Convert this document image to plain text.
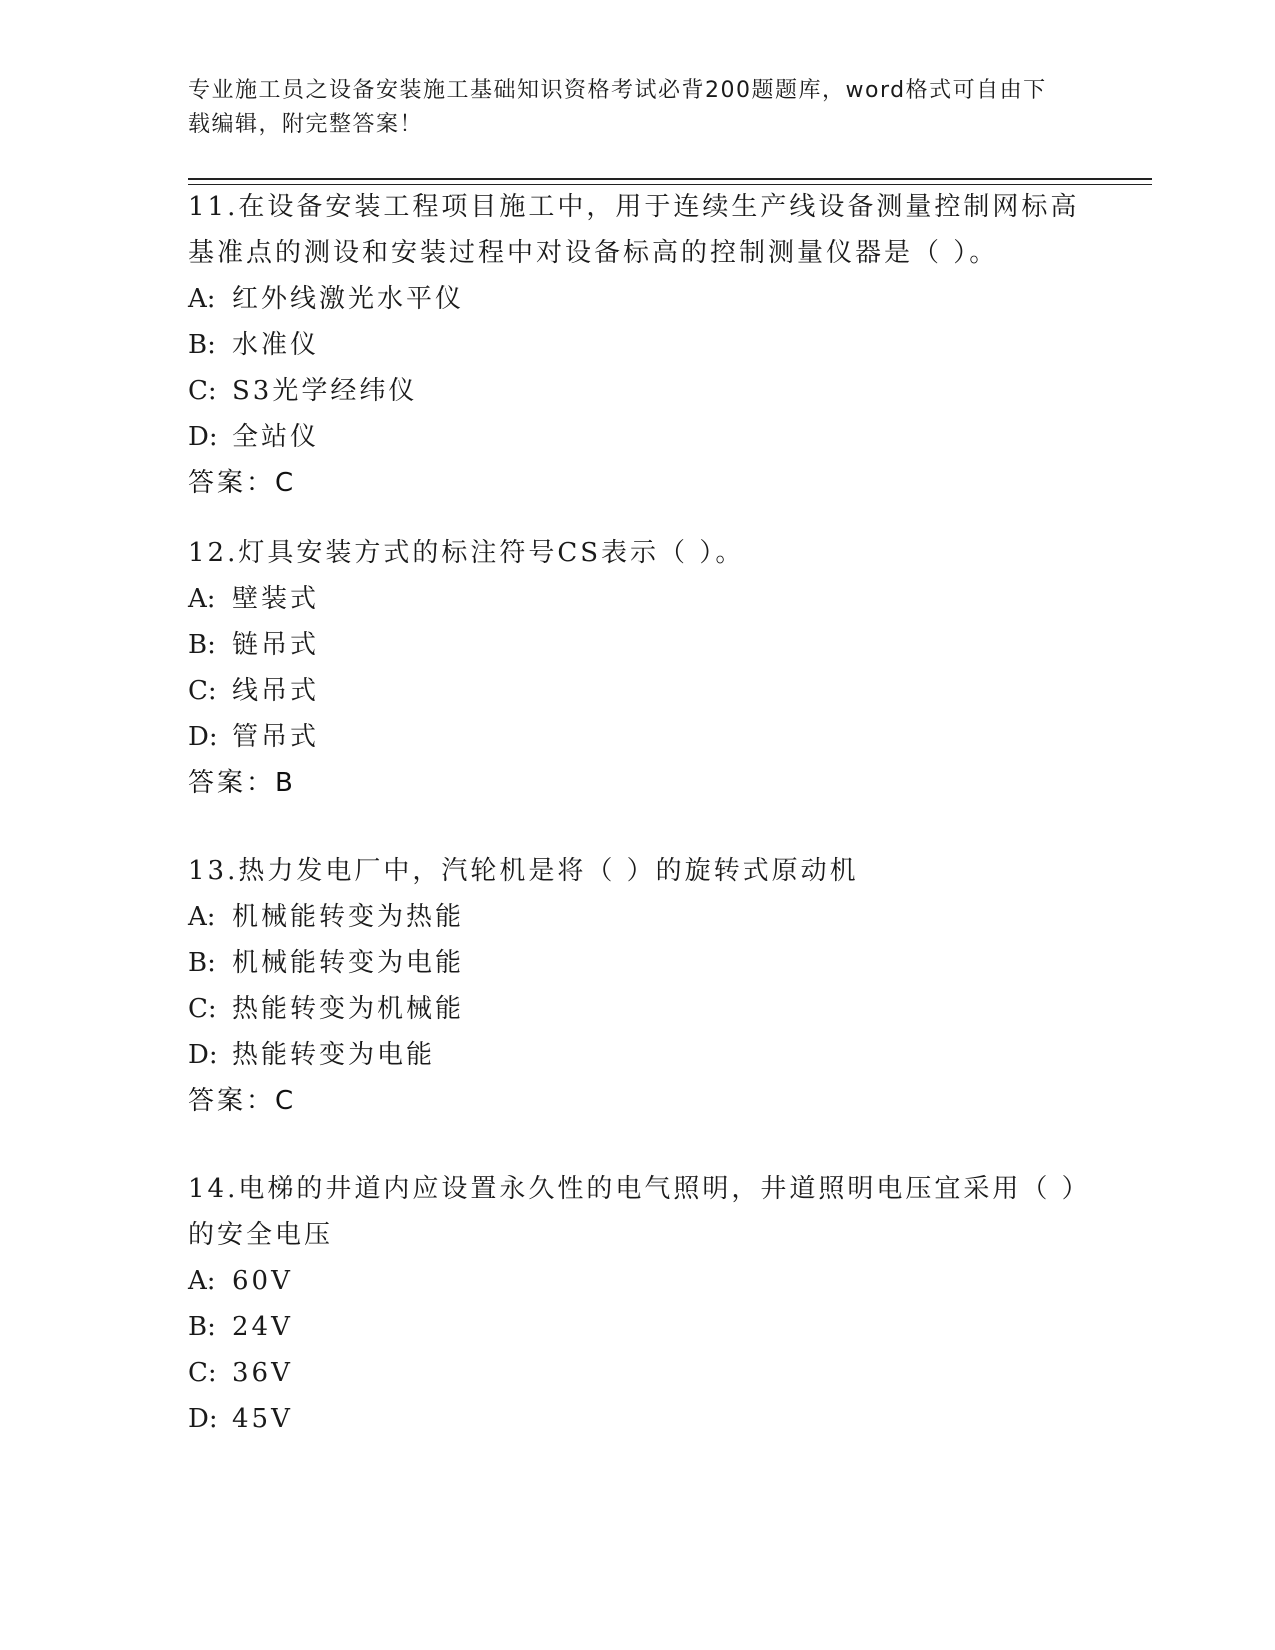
专业施工员之设备安装施工基础知识资格考试必背200题题库，word格式可自由下载编辑，附完整答案！

11.在设备安装工程项目施工中，用于连续生产线设备测量控制网标高基准点的测设和安装过程中对设备标高的控制测量仪器是（ ）。

A: 红外线激光水平仪

B: 水准仪

C: S3光学经纬仪

D: 全站仪

答案：C

12.灯具安装方式的标注符号CS表示（ ）。

A: 壁装式

B: 链吊式

C: 线吊式

D: 管吊式

答案：B

13.热力发电厂中，汽轮机是将（ ）的旋转式原动机

A: 机械能转变为热能

B: 机械能转变为电能

C: 热能转变为机械能

D: 热能转变为电能

答案：C

14.电梯的井道内应设置永久性的电气照明，井道照明电压宜采用（ ）的安全电压

A: 60V

B: 24V

C: 36V

D: 45V
